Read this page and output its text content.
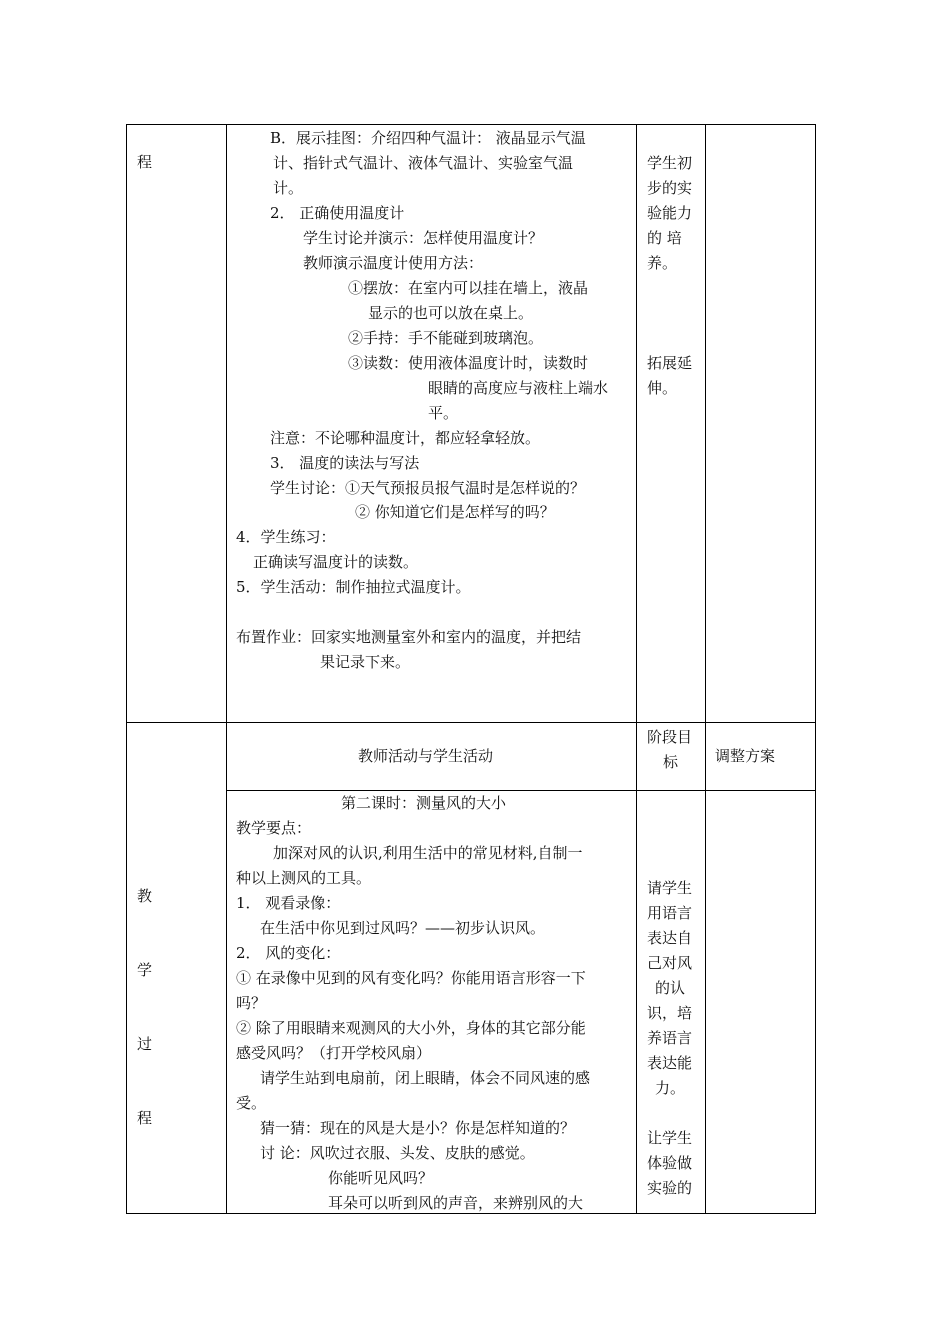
程
B．展示挂图：介绍四种气温计： 液晶显示气温
计、指针式气温计、液体气温计、实验室气温
计。
2． 正确使用温度计
学生讨论并演示：怎样使用温度计？
教师演示温度计使用方法：
①摆放：在室内可以挂在墙上，液晶
显示的也可以放在桌上。
②手持：手不能碰到玻璃泡。
③读数：使用液体温度计时，读数时
眼睛的高度应与液柱上端水
平。
注意：不论哪种温度计，都应轻拿轻放。
3． 温度的读法与写法
学生讨论：①天气预报员报气温时是怎样说的？
② 你知道它们是怎样写的吗？
4．学生练习：
正确读写温度计的读数。
5．学生活动：制作抽拉式温度计。
布置作业：回家实地测量室外和室内的温度，并把结
果记录下来。
学生初
步的实
验能力
的 培
养。
拓展延
伸。
教师活动与学生活动
阶段目
标 调整方案
教
学
过
程
第二课时：测量风的大小
教学要点：
加深对风的认识,利用生活中的常见材料,自制一
种以上测风的工具。
1． 观看录像：
在生活中你见到过风吗？——初步认识风。
2． 风的变化：
① 在录像中见到的风有变化吗？你能用语言形容一下
吗？
② 除了用眼睛来观测风的大小外，身体的其它部分能
感受风吗？（打开学校风扇）
请学生站到电扇前，闭上眼睛，体会不同风速的感
受。
猜一猜：现在的风是大是小？你是怎样知道的？
讨 论：风吹过衣服、头发、皮肤的感觉。
你能听见风吗？
耳朵可以听到风的声音，来辨别风的大
请学生
用语言
表达自
己对风
的认
识，培
养语言
表达能
力。
让学生
体验做
实验的
